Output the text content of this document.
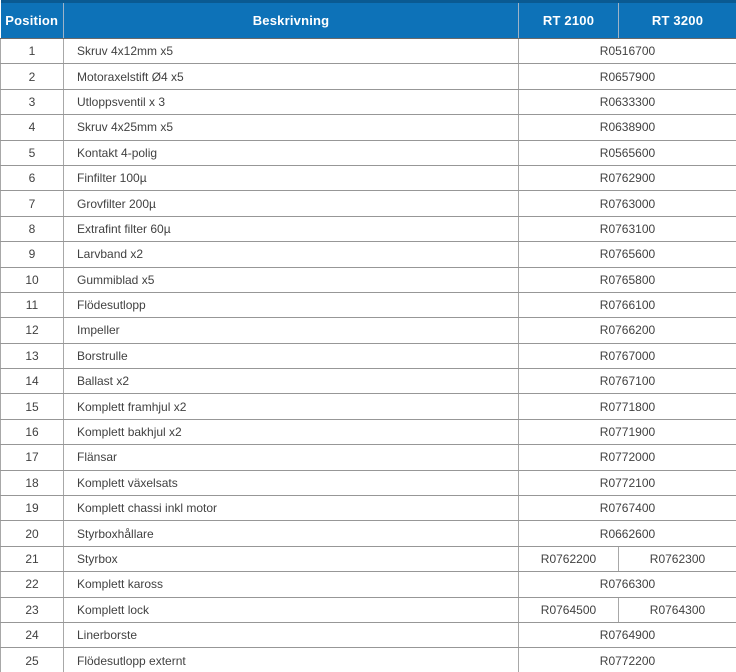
Position	Beskrivning	RT 2100	RT 3200
1	Skruv 4x12mm x5	R0516700	
2	Motoraxelstift Ø4 x5	R0657900	
3	Utloppsventil x 3	R0633300	
4	Skruv 4x25mm x5	R0638900	
5	Kontakt 4-polig	R0565600	
6	Finfilter 100µ	R0762900	
7	Grovfilter 200µ	R0763000	
8	Extrafint filter 60µ	R0763100	
9	Larvband x2	R0765600	
10	Gummiblad x5	R0765800	
11	Flödesutlopp	R0766100	
12	Impeller	R0766200	
13	Borstrulle	R0767000	
14	Ballast x2	R0767100	
15	Komplett framhjul x2	R0771800	
16	Komplett bakhjul x2	R0771900	
17	Flänsar	R0772000	
18	Komplett växelsats	R0772100	
19	Komplett chassi inkl motor	R0767400	
20	Styrboxhållare	R0662600	
21	Styrbox	R0762200	R0762300
22	Komplett kaross	R0766300	
23	Komplett lock	R0764500	R0764300
24	Linerborste	R0764900	
25	Flödesutlopp externt	R0772200	
